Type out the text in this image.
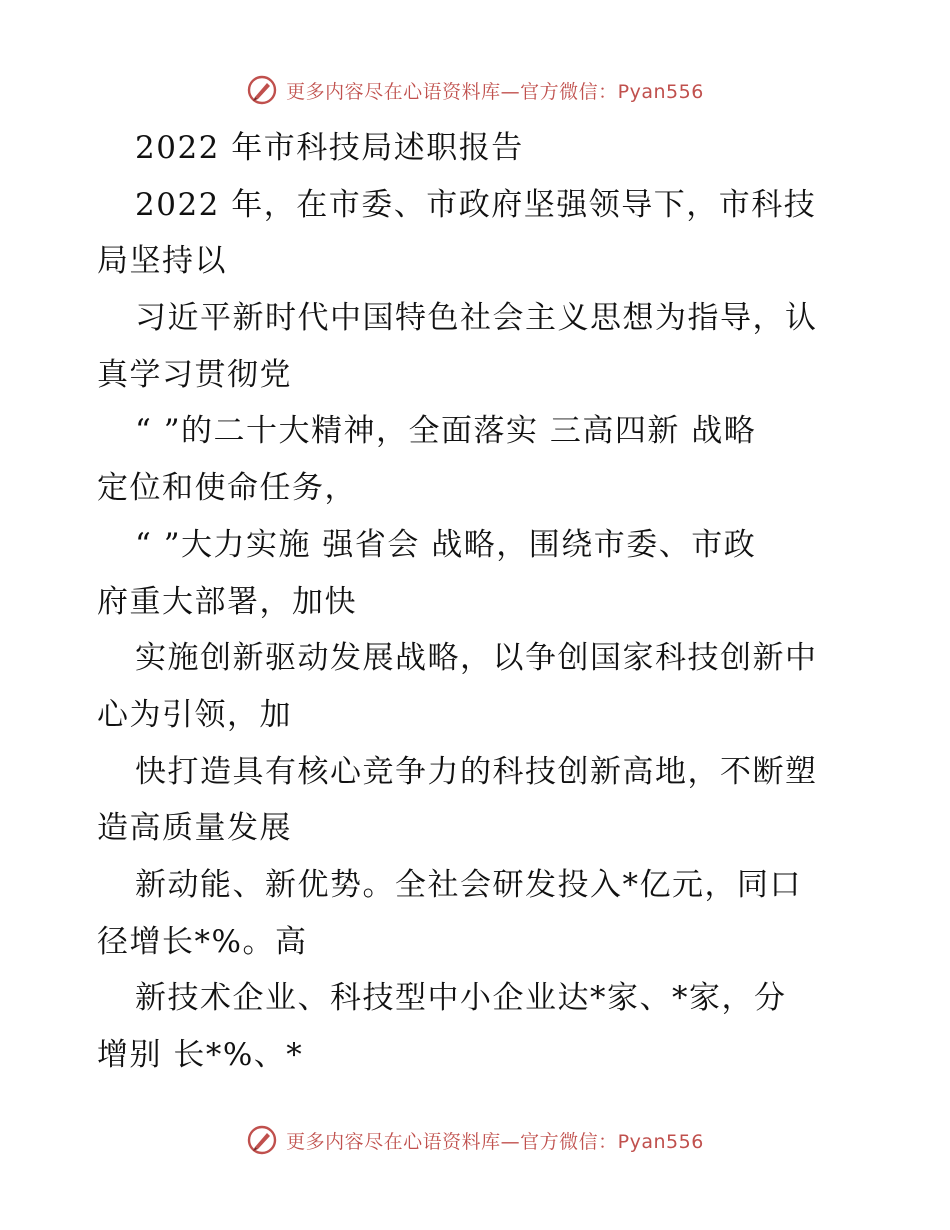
更多内容尽在心语资料库—官方微信：Pyan556
2022 年市科技局述职报告
2022 年，在市委、市政府坚强领导下，市科技
局坚持以
习近平新时代中国特色社会主义思想为指导，认
真学习贯彻党
“ ”的二十大精神，全面落实 三高四新 战略
定位和使命任务，
“ ”大力实施 强省会 战略，围绕市委、市政
府重大部署，加快
实施创新驱动发展战略，以争创国家科技创新中
心为引领，加
快打造具有核心竞争力的科技创新高地，不断塑
造高质量发展
新动能、新优势。全社会研发投入*亿元，同口
径增长*%。高
新技术企业、科技型中小企业达*家、*家，分
增别 长*%、*
更多内容尽在心语资料库—官方微信：Pyan556
